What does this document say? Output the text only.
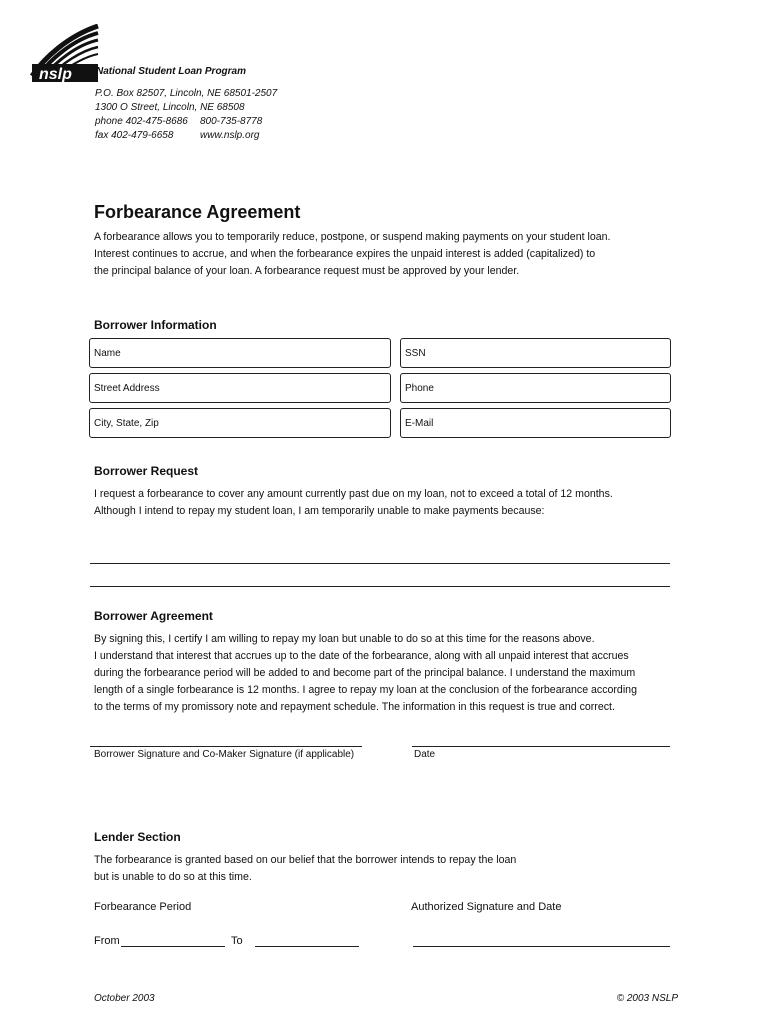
nslp National Student Loan Program
P.O. Box 82507, Lincoln, NE 68501-2507
1300 O Street, Lincoln, NE 68508
phone 402-475-8686 800-735-8778
fax 402-479-6658	www.nslp.org
Forbearance Agreement
A forbearance allows you to temporarily reduce, postpone, or suspend making payments on your student loan.
Interest continues to accrue, and when the forbearance expires the unpaid interest is added (capitalized) to
the principal balance of your loan. A forbearance request must be approved by your lender.
Borrower Information
Name	SSN
Street Address	Phone
City, State, Zip	E-Mail
Borrower Request
I request a forbearance to cover any amount currently past due on my loan, not to exceed a total of 12 months.
Although I intend to repay my student loan, I am temporarily unable to make payments because:
Borrower Agreement
By signing this, I certify I am willing to repay my loan but unable to do so at this time for the reasons above.
I understand that interest that accrues up to the date of the forbearance, along with all unpaid interest that accrues
during the forbearance period will be added to and become part of the principal balance. I understand the maximum
length of a single forbearance is 12 months. I agree to repay my loan at the conclusion of the forbearance according
to the terms of my promissory note and repayment schedule. The information in this request is true and correct.
Borrower Signature and Co-Maker Signature (if applicable)	Date
Lender Section
The forbearance is granted based on our belief that the borrower intends to repay the loan
but is unable to do so at this time.
Forbearance Period	Authorized Signature and Date
From	To
October 2003	© 2003 NSLP
